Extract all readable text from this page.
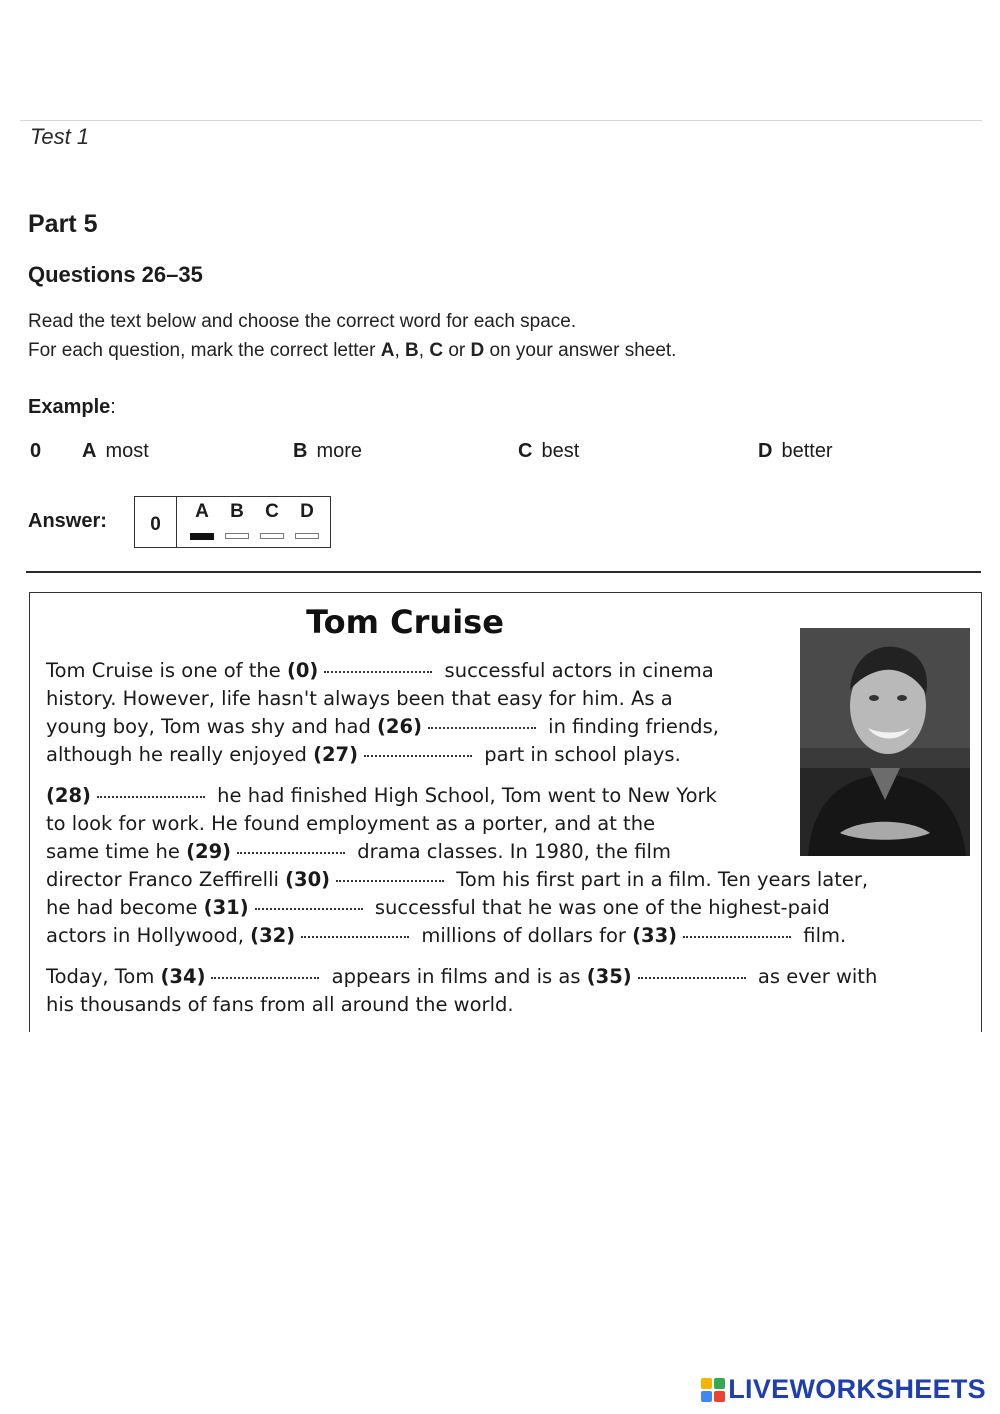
Test 1
Part 5
Questions 26–35
Read the text below and choose the correct word for each space.
For each question, mark the correct letter A, B, C or D on your answer sheet.
Example:
0 A most	B more	C best	D better
Answer:	0
A	B	C	D
Tom Cruise
Tom Cruise is one of the (0)	successful actors in cinema
history. However, life hasn't always been that easy for him. As a
young boy, Tom was shy and had (26)	in finding friends,
although he really enjoyed (27)	part in school plays.
(28)	he had finished High School, Tom went to New York
to look for work. He found employment as a porter, and at the
same time he (29)	drama classes. In 1980, the film
director Franco Zeffirelli (30)	Tom his first part in a film. Ten years later,
he had become (31)	successful that he was one of the highest-paid
actors in Hollywood, (32)	millions of dollars for (33)	film.
Today, Tom (34)	appears in films and is as (35)	as ever with
his thousands of fans from all around the world.
LIVEWORKSHEETS
